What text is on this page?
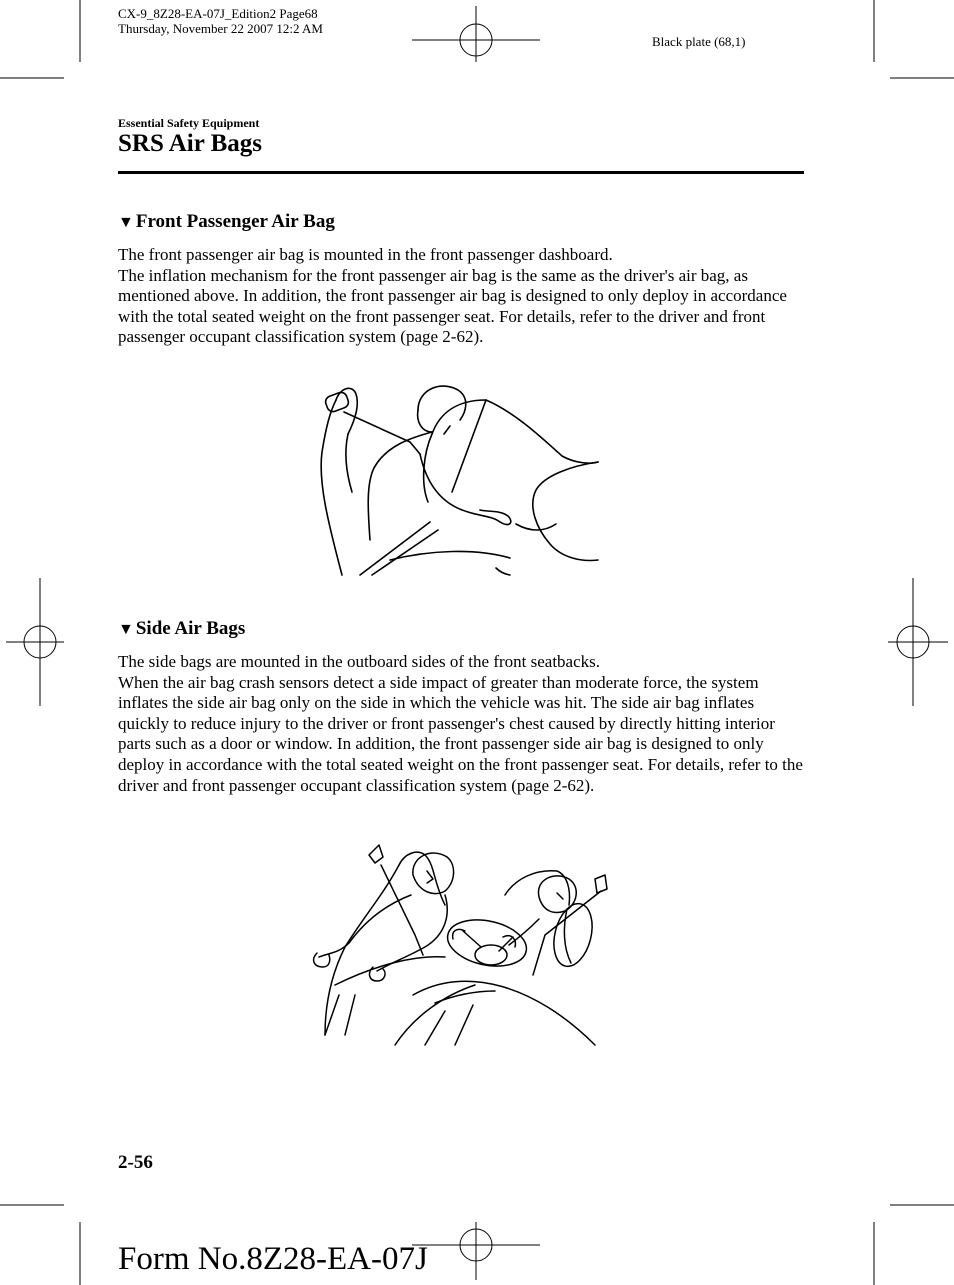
CX-9_8Z28-EA-07J_Edition2 Page68
Thursday, November 22 2007 12:2 AM
Black plate (68,1)
Essential Safety Equipment
SRS Air Bags
▼ Front Passenger Air Bag

The front passenger air bag is mounted in the front passenger dashboard.

The inflation mechanism for the front passenger air bag is the same as the driver's air bag, as mentioned above. In addition, the front passenger air bag is designed to only deploy in accordance with the total seated weight on the front passenger seat. For details, refer to the driver and front passenger occupant classification system (page 2-62).

▼ Side Air Bags

The side bags are mounted in the outboard sides of the front seatbacks.

When the air bag crash sensors detect a side impact of greater than moderate force, the system inflates the side air bag only on the side in which the vehicle was hit. The side air bag inflates quickly to reduce injury to the driver or front passenger's chest caused by directly hitting interior parts such as a door or window. In addition, the front passenger side air bag is designed to only deploy in accordance with the total seated weight on the front passenger seat. For details, refer to the driver and front passenger occupant classification system (page 2-62).

2-56
Form No.8Z28-EA-07J
